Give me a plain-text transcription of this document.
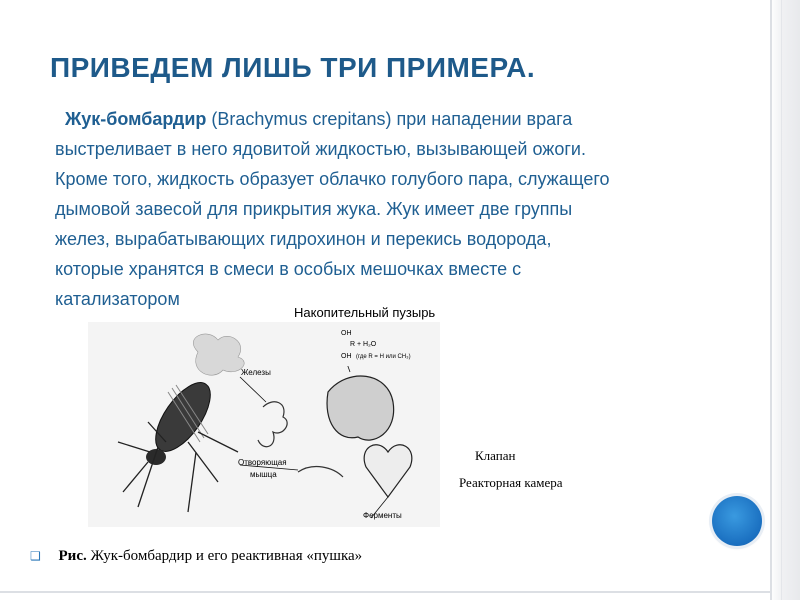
ПРИВЕДЕМ ЛИШЬ ТРИ ПРИМЕРА.
Жук-бомбардир (Brachymus crepitans) при нападении врага
выстреливает в него ядовитой жидкостью, вызывающей ожоги.
Кроме того, жидкость образует облачко голубого пара, служащего
дымовой завесой для прикрытия жука. Жук имеет две группы
желез, вырабатывающих гидрохинон и перекись водорода,
которые хранятся в смеси в особых мешочках вместе с
катализатором
Накопительный пузырь
Клапан
Реакторная камера
OH
R + H₂O
OH (где R = H или CH₃)
Железы
Отворяющая
мышца
Ферменты
❑ Рис. Жук-бомбардир и его реактивная «пушка»
